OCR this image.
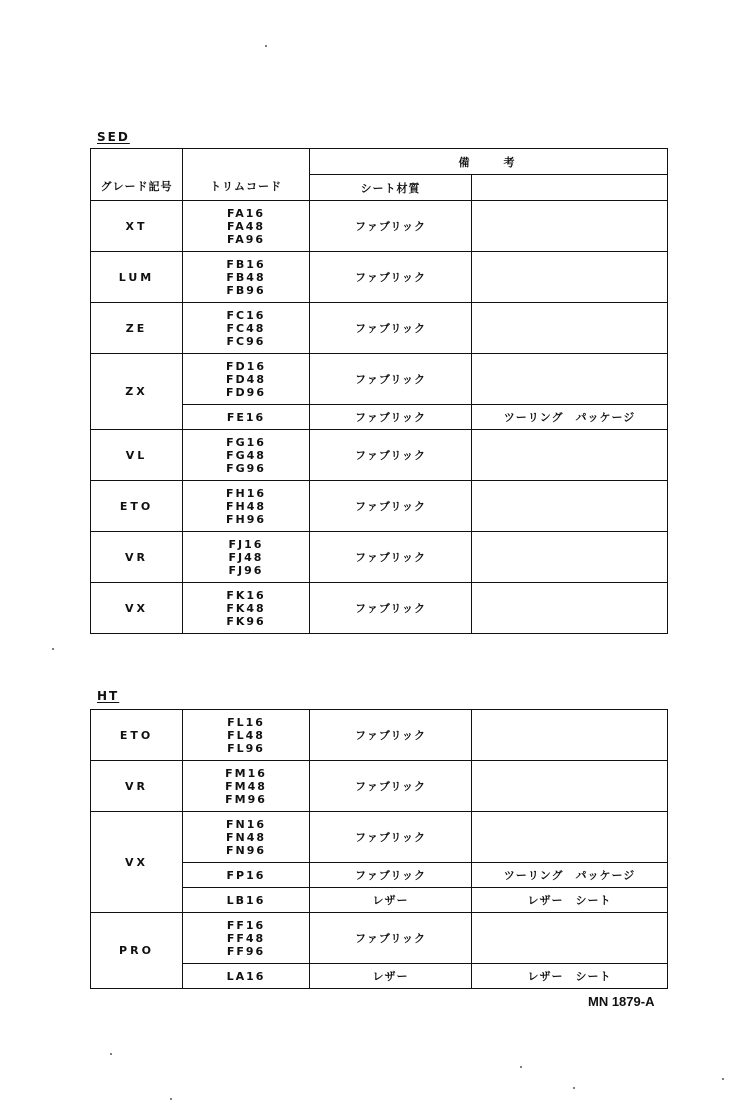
SED
グレード記号	トリムコード	備　　考	
		シート材質	
XT	FA16
FA48
FA96	ファブリック	
LUM	FB16
FB48
FB96	ファブリック	
ZE	FC16
FC48
FC96	ファブリック	
ZX	FD16
FD48
FD96	ファブリック	

	FE16	ファブリック	ツーリング　パッケージ
VL	FG16
FG48
FG96	ファブリック	
ETO	FH16
FH48
FH96	ファブリック	
VR	FJ16
FJ48
FJ96	ファブリック	
VX	FK16
FK48
FK96	ファブリック	
HT
ETO	FL16
FL48
FL96	ファブリック	
VR	FM16
FM48
FM96	ファブリック	
VX	FN16
FN48
FN96	ファブリック	

	FP16	ファブリック	ツーリング　パッケージ

	LB16	レザー	レザー　シート
PRO	FF16
FF48
FF96	ファブリック	

	LA16	レザー	レザー　シート
MN 1879-A
